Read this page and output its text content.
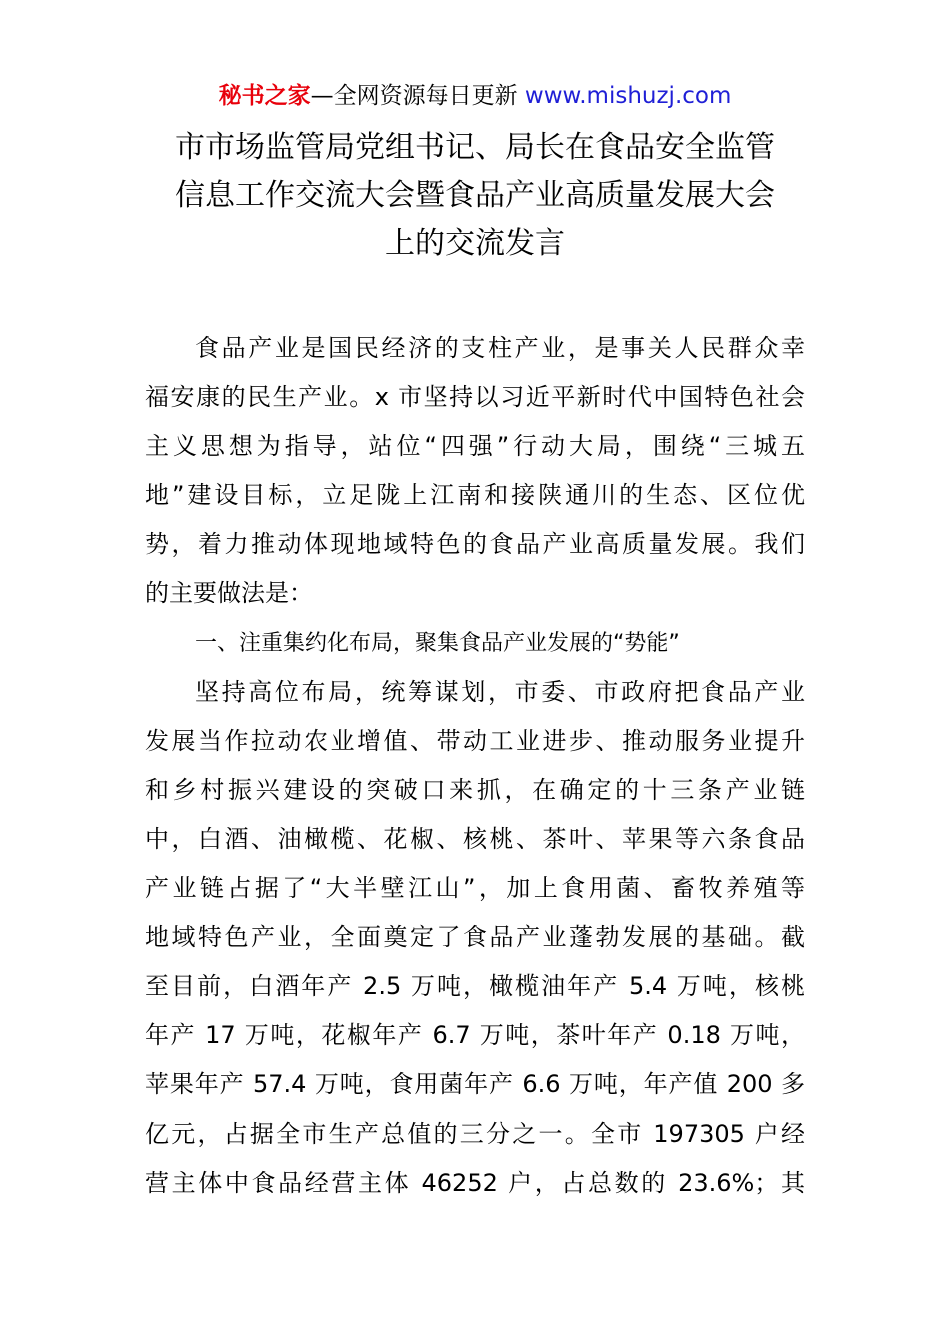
秘书之家—全网资源每日更新 www.mishuzj.com
市市场监管局党组书记、局长在食品安全监管
信息工作交流大会暨食品产业高质量发展大会
上的交流发言
食品产业是国民经济的支柱产业，是事关人民群众幸
福安康的民生产业。x 市坚持以习近平新时代中国特色社会
主义思想为指导，站位“四强”行动大局，围绕“三城五
地”建设目标，立足陇上江南和接陕通川的生态、区位优
势，着力推动体现地域特色的食品产业高质量发展。我们
的主要做法是：
一、注重集约化布局，聚集食品产业发展的“势能”
坚持高位布局，统筹谋划，市委、市政府把食品产业
发展当作拉动农业增值、带动工业进步、推动服务业提升
和乡村振兴建设的突破口来抓，在确定的十三条产业链
中，白酒、油橄榄、花椒、核桃、茶叶、苹果等六条食品
产业链占据了“大半壁江山”，加上食用菌、畜牧养殖等
地域特色产业，全面奠定了食品产业蓬勃发展的基础。截
至目前，白酒年产 2.5 万吨，橄榄油年产 5.4 万吨，核桃
年产 17 万吨，花椒年产 6.7 万吨，茶叶年产 0.18 万吨，
苹果年产 57.4 万吨，食用菌年产 6.6 万吨，年产值 200 多
亿元，占据全市生产总值的三分之一。全市 197305 户经
营主体中食品经营主体 46252 户，占总数的 23.6%；其
